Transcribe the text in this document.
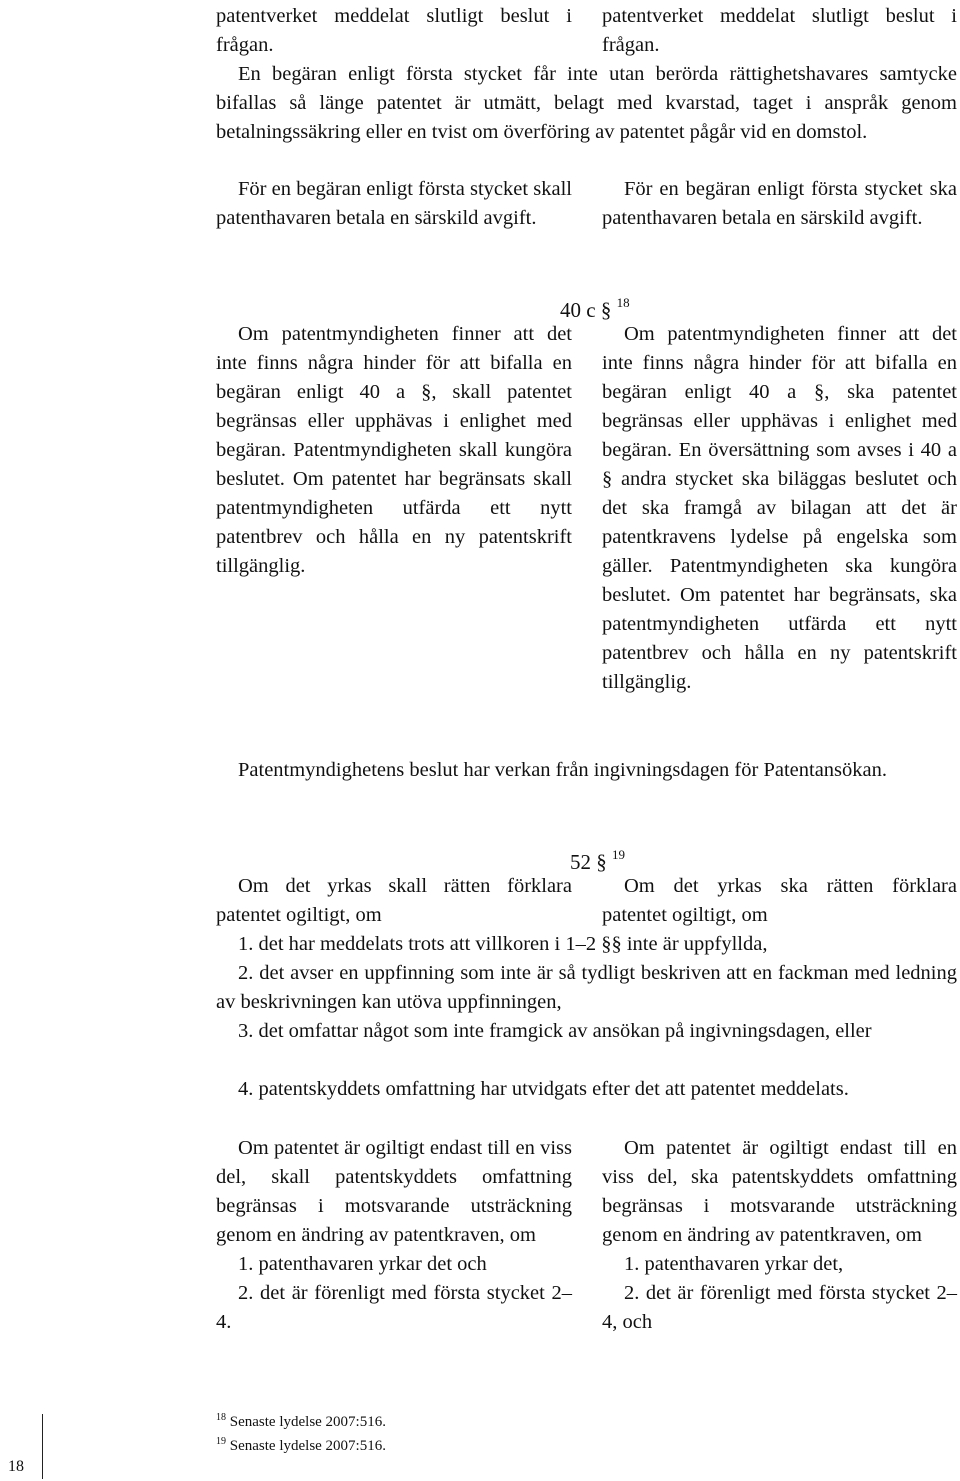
patentverket meddelat slutligt beslut i frågan.

patentverket meddelat slutligt beslut i frågan.

En begäran enligt första stycket får inte utan berörda rättighetshavares samtycke bifallas så länge patentet är utmätt, belagt med kvarstad, taget i anspråk genom betalningssäkring eller en tvist om överföring av patentet pågår vid en domstol.

För en begäran enligt första stycket skall patenthavaren betala en särskild avgift.

För en begäran enligt första stycket ska patenthavaren betala en särskild avgift.

40 c § $^{18}$

Om patentmyndigheten finner att det inte finns några hinder för att bifalla en begäran enligt 40 a §, skall patentet begränsas eller upphävas i enlighet med begäran. Patentmyndigheten skall kungöra beslutet. Om patentet har begränsats skall patentmyndigheten utfärda ett nytt patentbrev och hålla en ny patentskrift tillgänglig.

Om patentmyndigheten finner att det inte finns några hinder för att bifalla en begäran enligt 40 a §, ska patentet begränsas eller upphävas i enlighet med begäran. En översättning som avses i 40 a § andra stycket ska biläggas beslutet och det ska framgå av bilagan att det är patentkravens lydelse på engelska som gäller. Patentmyndigheten ska kungöra beslutet. Om patentet har begränsats, ska patentmyndigheten utfärda ett nytt patentbrev och hålla en ny patentskrift tillgänglig.

Patentmyndighetens beslut har verkan från ingivningsdagen för Patentansökan.

52 § $^{19}$

Om det yrkas skall rätten förklara patentet ogiltigt, om

Om det yrkas ska rätten förklara patentet ogiltigt, om

1. det har meddelats trots att villkoren i 1–2 §§ inte är uppfyllda,

2. det avser en uppfinning som inte är så tydligt beskriven att en fackman med ledning av beskrivningen kan utöva uppfinningen,

3. det omfattar något som inte framgick av ansökan på ingivningsdagen, eller

4. patentskyddets omfattning har utvidgats efter det att patentet meddelats.

Om patentet är ogiltigt endast till en viss del, skall patentskyddets omfattning begränsas i motsvarande utsträckning genom en ändring av patentkraven, om

1. patenthavaren yrkar det och

2. det är förenligt med första stycket 2–4.

Om patentet är ogiltigt endast till en viss del, ska patentskyddets omfattning begränsas i motsvarande utsträckning genom en ändring av patentkraven, om

1. patenthavaren yrkar det,

2. det är förenligt med första stycket 2–4, och

$^{18}$ Senaste lydelse 2007:516.
$^{19}$ Senaste lydelse 2007:516.
18
